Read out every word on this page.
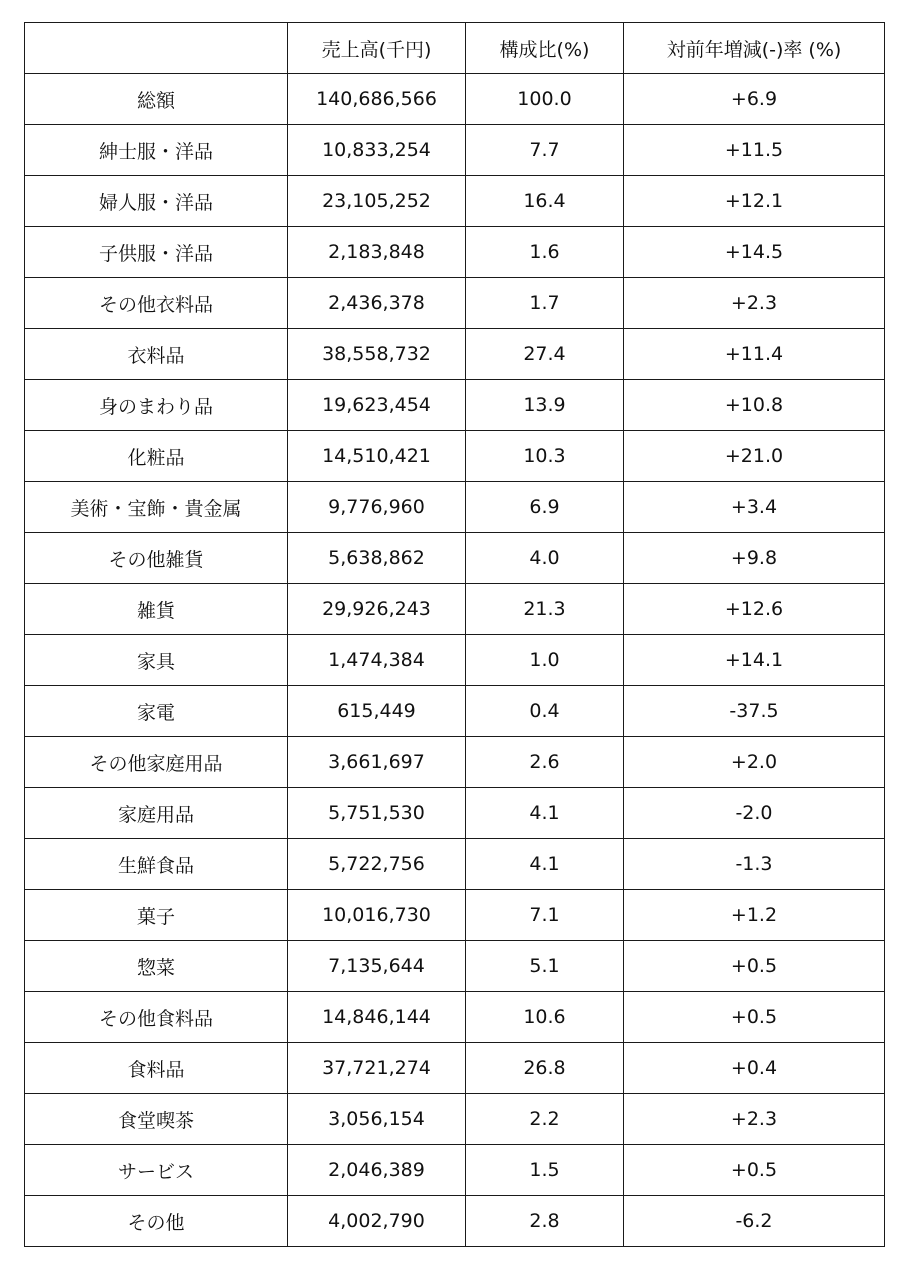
	売上高(千円)	構成比(%)	対前年増減(-)率 (%)
総額	140,686,566	100.0	+6.9
紳士服・洋品	10,833,254	7.7	+11.5
婦人服・洋品	23,105,252	16.4	+12.1
子供服・洋品	2,183,848	1.6	+14.5
その他衣料品	2,436,378	1.7	+2.3
衣料品	38,558,732	27.4	+11.4
身のまわり品	19,623,454	13.9	+10.8
化粧品	14,510,421	10.3	+21.0
美術・宝飾・貴金属	9,776,960	6.9	+3.4
その他雑貨	5,638,862	4.0	+9.8
雑貨	29,926,243	21.3	+12.6
家具	1,474,384	1.0	+14.1
家電	615,449	0.4	-37.5
その他家庭用品	3,661,697	2.6	+2.0
家庭用品	5,751,530	4.1	-2.0
生鮮食品	5,722,756	4.1	-1.3
菓子	10,016,730	7.1	+1.2
惣菜	7,135,644	5.1	+0.5
その他食料品	14,846,144	10.6	+0.5
食料品	37,721,274	26.8	+0.4
食堂喫茶	3,056,154	2.2	+2.3
サービス	2,046,389	1.5	+0.5
その他	4,002,790	2.8	-6.2
